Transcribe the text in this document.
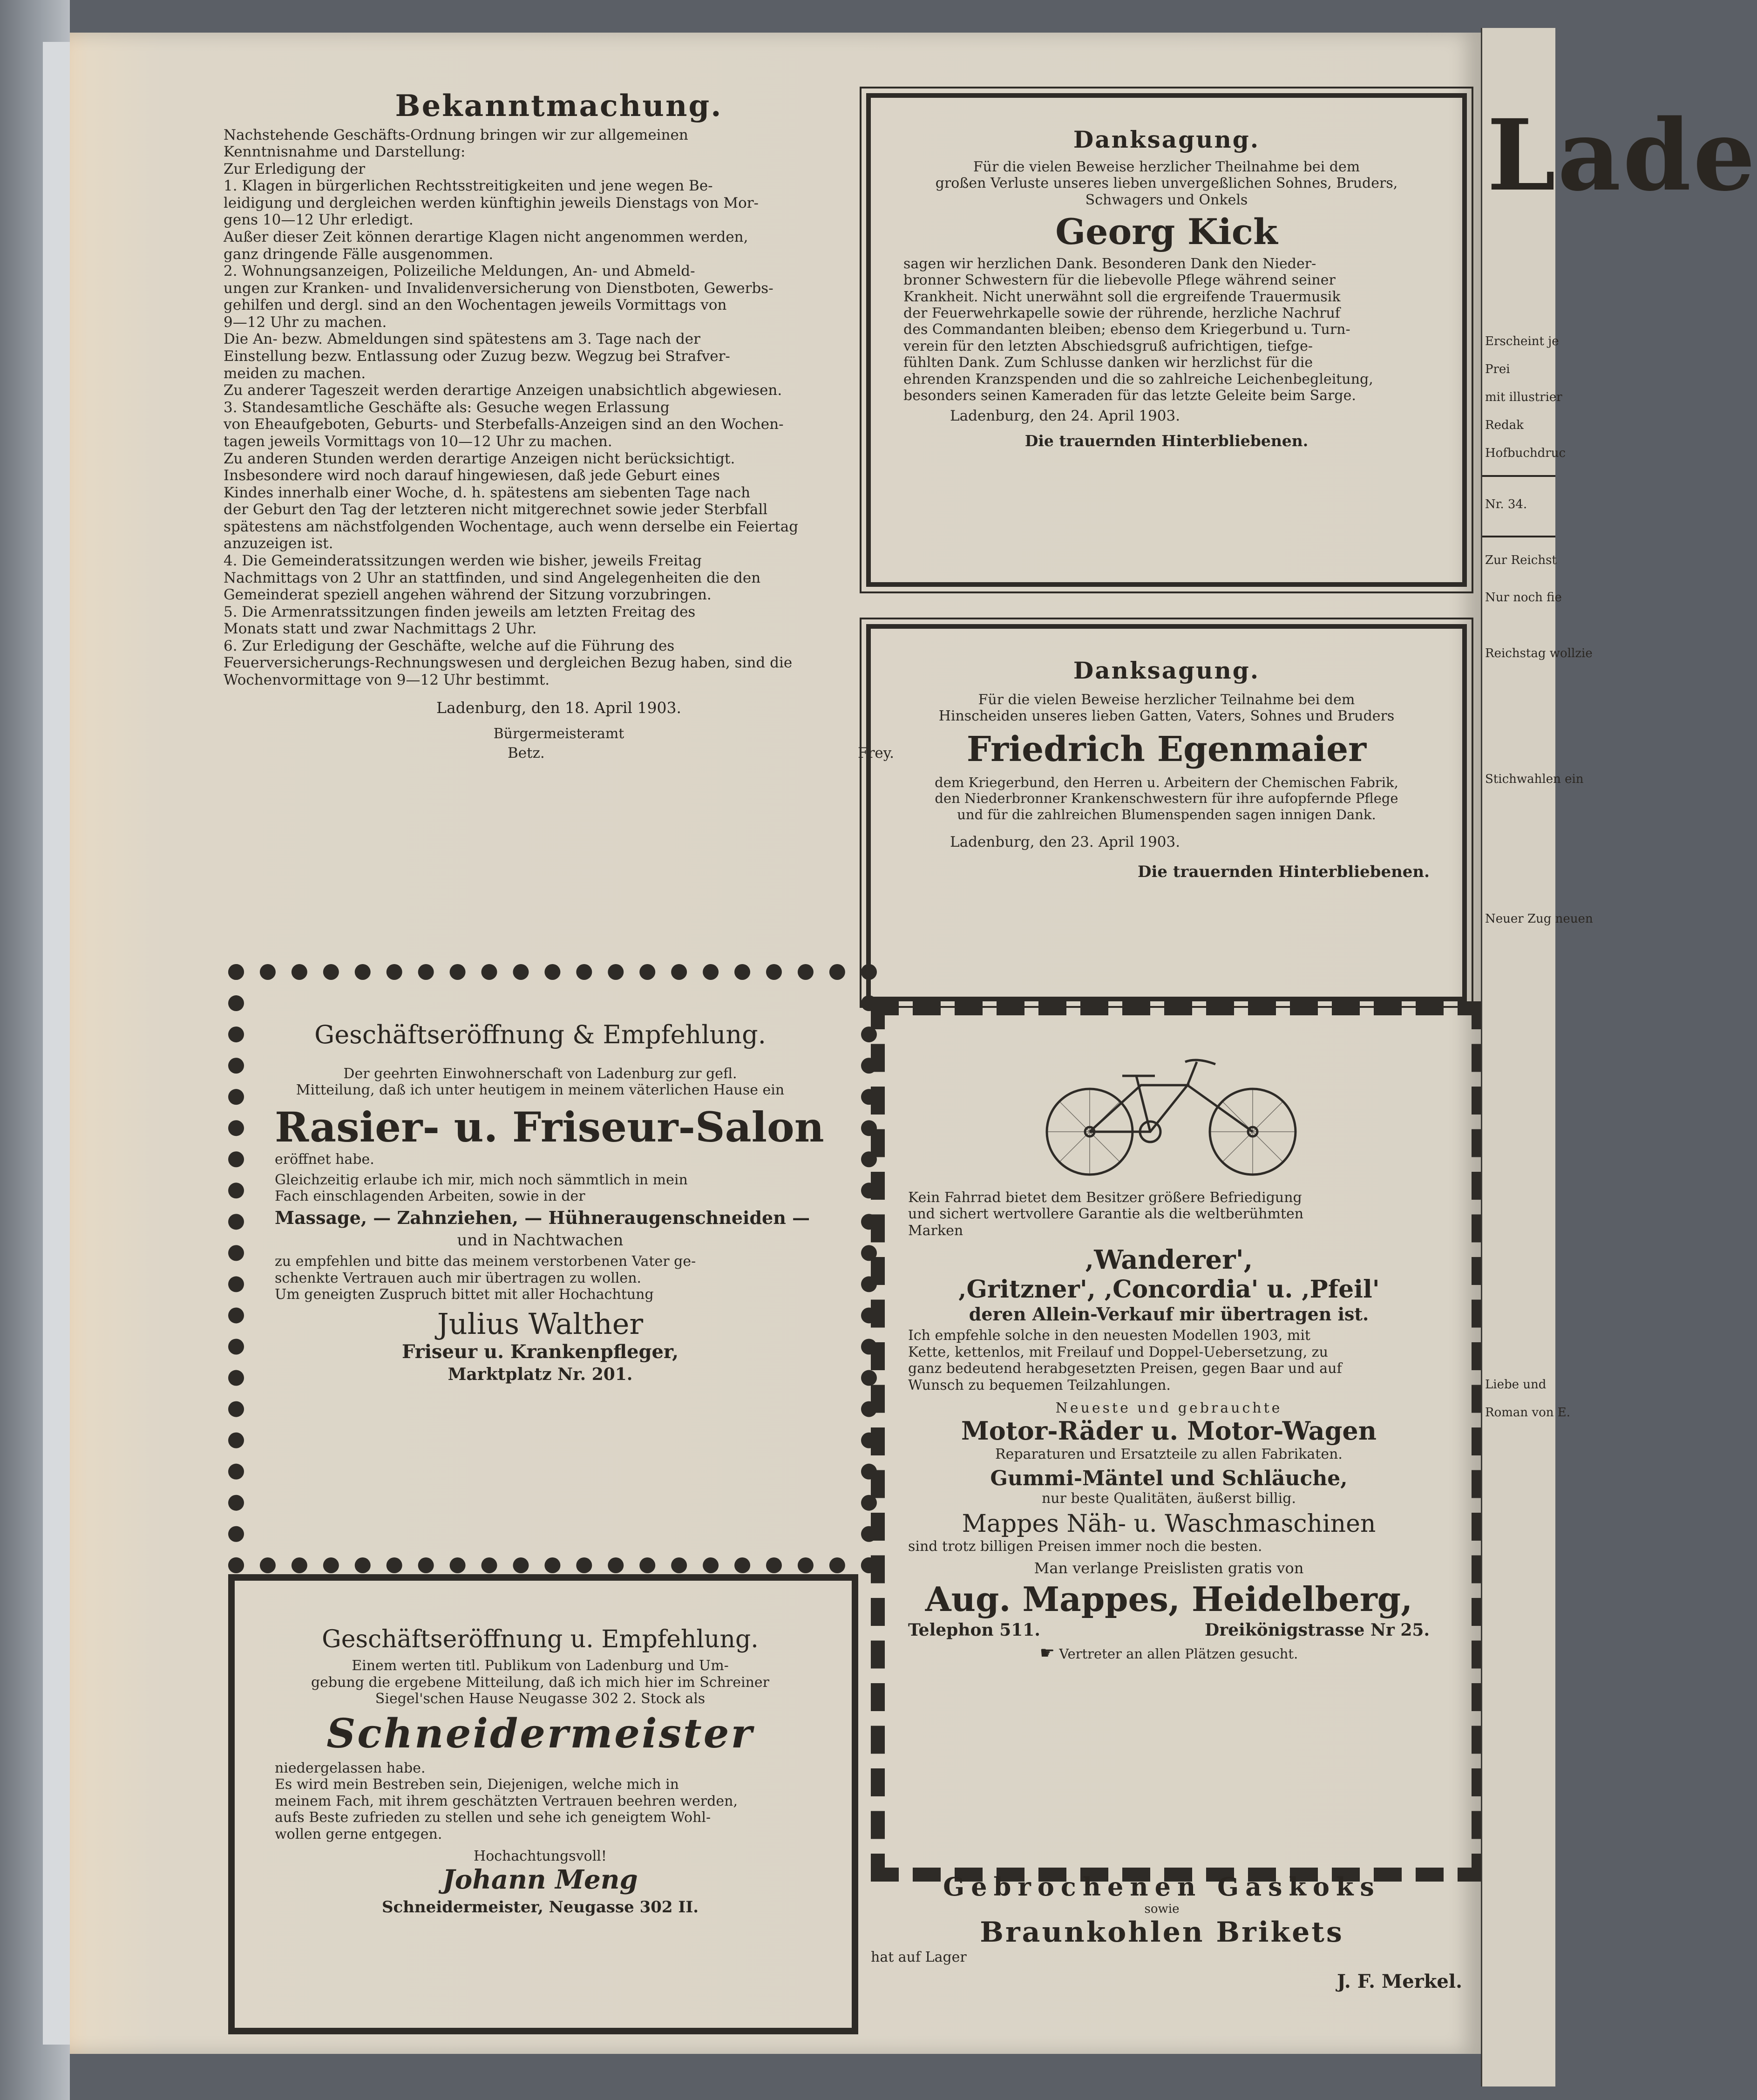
Bekanntmachung.

Nachstehende Geschäfts-Ordnung bringen wir zur allgemeinen

Kenntnisnahme und Darstellung:

Zur Erledigung der

1. Klagen in bürgerlichen Rechtsstreitigkeiten und jene wegen Be-

leidigung und dergleichen werden künftighin jeweils Dienstags von Mor-

gens 10—12 Uhr erledigt.

Außer dieser Zeit können derartige Klagen nicht angenommen werden,

ganz dringende Fälle ausgenommen.

2. Wohnungsanzeigen, Polizeiliche Meldungen, An- und Abmeld-

ungen zur Kranken- und Invalidenversicherung von Dienstboten, Gewerbs-

gehilfen und dergl. sind an den Wochentagen jeweils Vormittags von

9—12 Uhr zu machen.

Die An- bezw. Abmeldungen sind spätestens am 3. Tage nach der

Einstellung bezw. Entlassung oder Zuzug bezw. Wegzug bei Strafver-

meiden zu machen.

Zu anderer Tageszeit werden derartige Anzeigen unabsichtlich abgewiesen.

3. Standesamtliche Geschäfte als: Gesuche wegen Erlassung

von Eheaufgeboten, Geburts- und Sterbefalls-Anzeigen sind an den Wochen-

tagen jeweils Vormittags von 10—12 Uhr zu machen.

Zu anderen Stunden werden derartige Anzeigen nicht berücksichtigt.

Insbesondere wird noch darauf hingewiesen, daß jede Geburt eines

Kindes innerhalb einer Woche, d. h. spätestens am siebenten Tage nach

der Geburt den Tag der letzteren nicht mitgerechnet sowie jeder Sterbfall

spätestens am nächstfolgenden Wochentage, auch wenn derselbe ein Feiertag

anzuzeigen ist.

4. Die Gemeinderatssitzungen werden wie bisher, jeweils Freitag

Nachmittags von 2 Uhr an stattfinden, und sind Angelegenheiten die den

Gemeinderat speziell angehen während der Sitzung vorzubringen.

5. Die Armenratssitzungen finden jeweils am letzten Freitag des

Monats statt und zwar Nachmittags 2 Uhr.

6. Zur Erledigung der Geschäfte, welche auf die Führung des

Feuerversicherungs-Rechnungswesen und dergleichen Bezug haben, sind die

Wochenvormittage von 9—12 Uhr bestimmt.

Ladenburg, den 18. April 1903.

Bürgermeisteramt

Betz.	Frey.

Danksagung.

Für die vielen Beweise herzlicher Theilnahme bei dem

großen Verluste unseres lieben unvergeßlichen Sohnes, Bruders,

Schwagers und Onkels

Georg Kick

sagen wir herzlichen Dank. Besonderen Dank den Nieder-

bronner Schwestern für die liebevolle Pflege während seiner

Krankheit. Nicht unerwähnt soll die ergreifende Trauermusik

der Feuerwehrkapelle sowie der rührende, herzliche Nachruf

des Commandanten bleiben; ebenso dem Kriegerbund u. Turn-

verein für den letzten Abschiedsgruß aufrichtigen, tiefge-

fühlten Dank. Zum Schlusse danken wir herzlichst für die

ehrenden Kranzspenden und die so zahlreiche Leichenbegleitung,

besonders seinen Kameraden für das letzte Geleite beim Sarge.

Ladenburg, den 24. April 1903.

Die trauernden Hinterbliebenen.

Danksagung.

Für die vielen Beweise herzlicher Teilnahme bei dem

Hinscheiden unseres lieben Gatten, Vaters, Sohnes und Bruders

Friedrich Egenmaier

dem Kriegerbund, den Herren u. Arbeitern der Chemischen Fabrik,

den Niederbronner Krankenschwestern für ihre aufopfernde Pflege

und für die zahlreichen Blumenspenden sagen innigen Dank.

Ladenburg, den 23. April 1903.

Die trauernden Hinterbliebenen.

Geschäftseröffnung & Empfehlung.

Der geehrten Einwohnerschaft von Ladenburg zur gefl.

Mitteilung, daß ich unter heutigem in meinem väterlichen Hause ein

Rasier- u. Friseur-Salon

eröffnet habe.

Gleichzeitig erlaube ich mir, mich noch sämmtlich in mein

Fach einschlagenden Arbeiten, sowie in der

Massage, — Zahnziehen, — Hühneraugenschneiden —

und in Nachtwachen

zu empfehlen und bitte das meinem verstorbenen Vater ge-

schenkte Vertrauen auch mir übertragen zu wollen.

Um geneigten Zuspruch bittet mit aller Hochachtung

Julius Walther

Friseur u. Krankenpfleger,

Marktplatz Nr. 201.

Geschäftseröffnung u. Empfehlung.

Einem werten titl. Publikum von Ladenburg und Um-

gebung die ergebene Mitteilung, daß ich mich hier im Schreiner

Siegel'schen Hause Neugasse 302 2. Stock als

Schneidermeister

niedergelassen habe.

Es wird mein Bestreben sein, Diejenigen, welche mich in

meinem Fach, mit ihrem geschätzten Vertrauen beehren werden,

aufs Beste zufrieden zu stellen und sehe ich geneigtem Wohl-

wollen gerne entgegen.

Hochachtungsvoll!

Johann Meng

Schneidermeister, Neugasse 302 II.

Kein Fahrrad bietet dem Besitzer größere Befriedigung

und sichert wertvollere Garantie als die weltberühmten

Marken

‚Wanderer',

‚Gritzner', ‚Concordia' u. ‚Pfeil'

deren Allein-Verkauf mir übertragen ist.

Ich empfehle solche in den neuesten Modellen 1903, mit

Kette, kettenlos, mit Freilauf und Doppel-Uebersetzung, zu

ganz bedeutend herabgesetzten Preisen, gegen Baar und auf

Wunsch zu bequemen Teilzahlungen.

Neueste und gebrauchte

Motor-Räder u. Motor-Wagen

Reparaturen und Ersatzteile zu allen Fabrikaten.

Gummi-Mäntel und Schläuche,

nur beste Qualitäten, äußerst billig.

Mappes Näh- u. Waschmaschinen

sind trotz billigen Preisen immer noch die besten.

Man verlange Preislisten gratis von

Aug. Mappes, Heidelberg,

Telephon 511.	Dreikönigstrasse Nr 25.

☛ Vertreter an allen Plätzen gesucht.

Gebrochenen Gaskoks

sowie

Braunkohlen Brikets

hat auf Lager

J. F. Merkel.

Lade
Erscheint je
Prei
mit illustrier
Redak
Hofbuchdruc
Nr. 34.
Zur Reichst
Nur noch fie
Reichstag wollzie
Stichwahlen ein
Neuer Zug neuen
Liebe und
Roman von E.
